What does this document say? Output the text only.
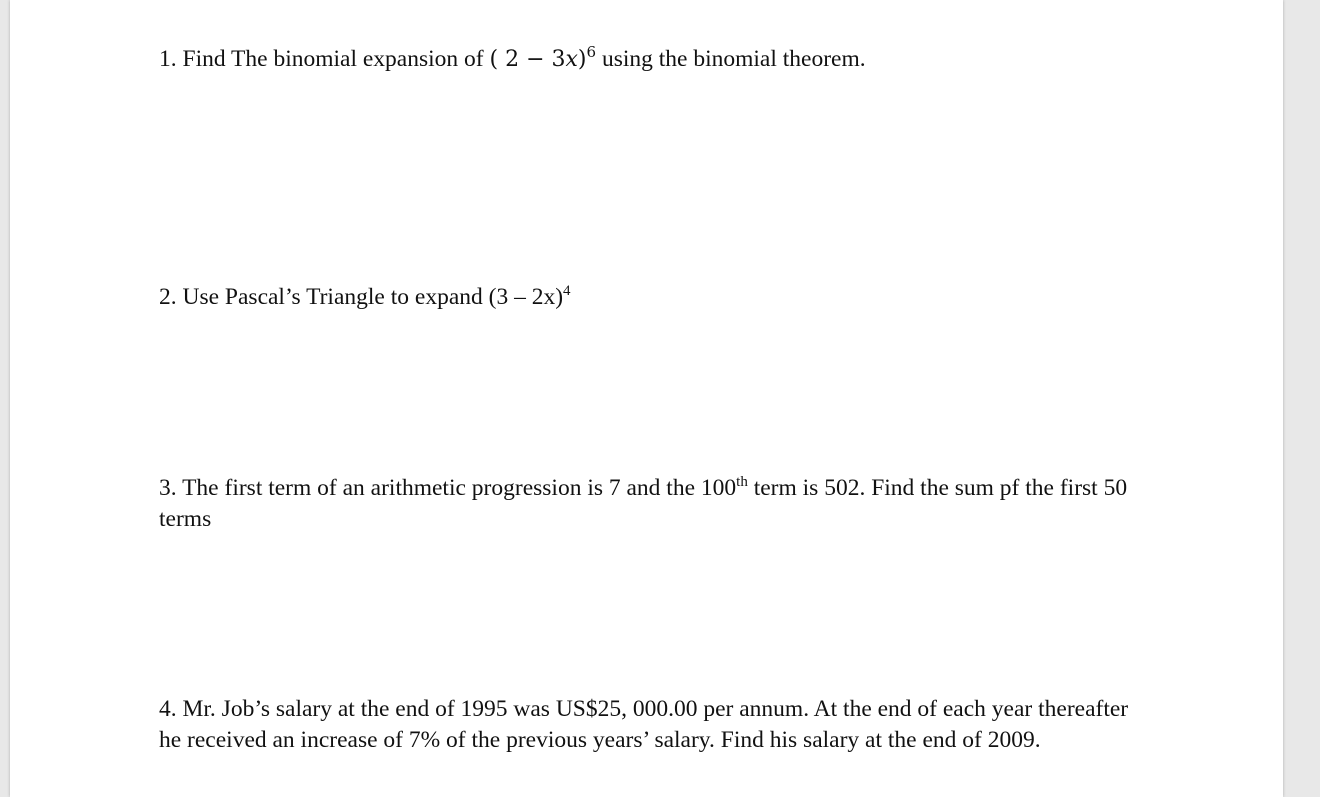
1. Find The binomial expansion of ( 2 − 3x)$^6$ using the binomial theorem.
2. Use Pascal’s Triangle to expand (3 – 2x)$^4$
3. The first term of an arithmetic progression is 7 and the 100th term is 502. Find the sum pf the first 50 terms
4. Mr. Job’s salary at the end of 1995 was US$25, 000.00 per annum. At the end of each year thereafter he received an increase of 7% of the previous years’ salary. Find his salary at the end of 2009.
